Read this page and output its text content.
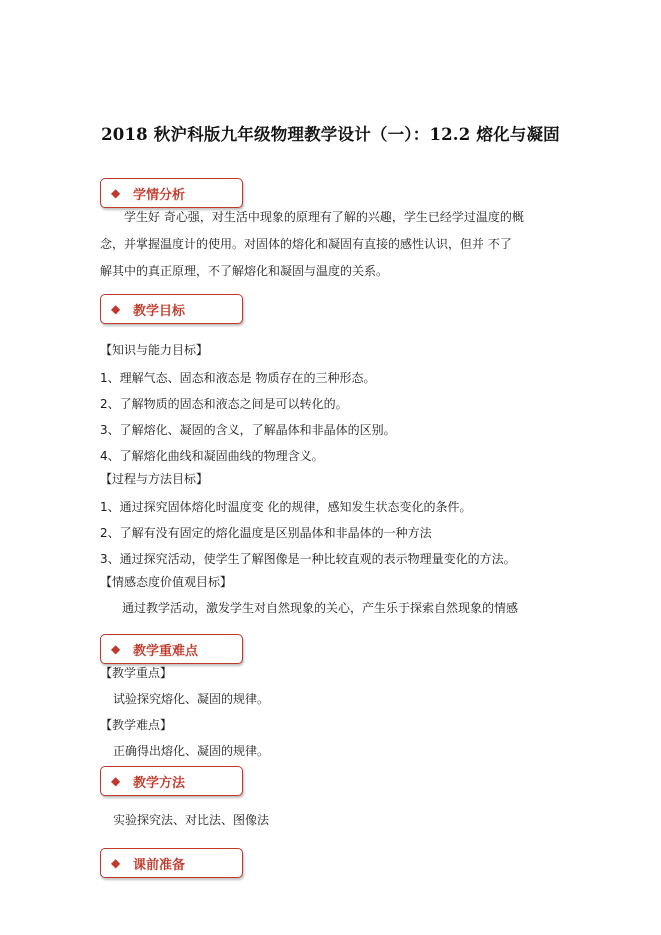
2018 秋沪科版九年级物理教学设计（一）：12.2 熔化与凝固
◆ 学情分析
学生好 奇心强，对生活中现象的原理有了解的兴趣，学生已经学过温度的概
念，并掌握温度计的使用。对固体的熔化和凝固有直接的感性认识，但并 不了
解其中的真正原理，不了解熔化和凝固与温度的关系。
◆ 教学目标
【知识与能力目标】
1、理解气态、固态和液态是 物质存在的三种形态。
2、了解物质的固态和液态之间是可以转化的。
3、了解熔化、凝固的含义，了解晶体和非晶体的区别。
4、了解熔化曲线和凝固曲线的物理含义。
【过程与方法目标】
1、通过探究固体熔化时温度变 化的规律，感知发生状态变化的条件。
2、了解有没有固定的熔化温度是区别晶体和非晶体的一种方法
3、通过探究活动，使学生了解图像是一种比较直观的表示物理量变化的方法。
【情感态度价值观目标】
通过教学活动，激发学生对自然现象的关心，产生乐于探索自然现象的情感
◆ 教学重难点
【教学重点】
试验探究熔化、凝固的规律。
【教学难点】
正确得出熔化、凝固的规律。
◆ 教学方法
实验探究法、对比法、图像法
◆ 课前准备
